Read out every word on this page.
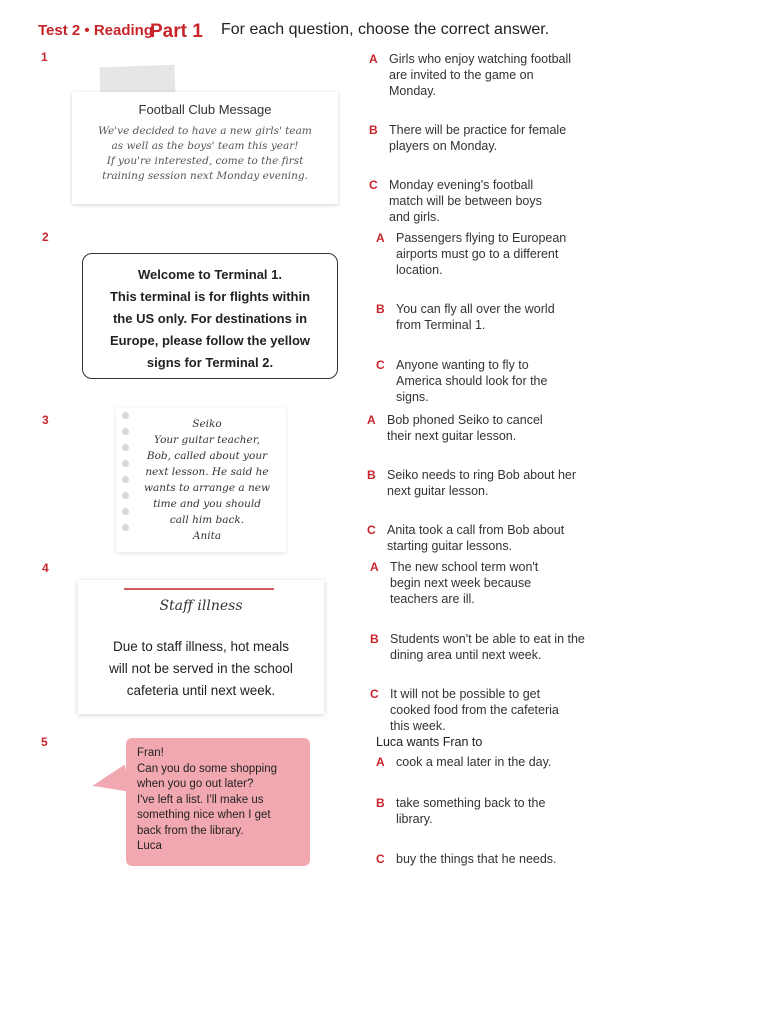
Test 2 • Reading
Part 1 For each question, choose the correct answer.
1
2
3
4
5
Football Club Message
We've decided to have a new girls' team
as well as the boys' team this year!
If you're interested, come to the first
training session next Monday evening.
A Girls who enjoy watching football are invited to the game on Monday.
B There will be practice for female players on Monday.
C Monday evening's football match will be between boys and girls.
Welcome to Terminal 1.
This terminal is for flights within
the US only. For destinations in
Europe, please follow the yellow
signs for Terminal 2.
A Passengers flying to European airports must go to a different location.
B You can fly all over the world from Terminal 1.
C Anyone wanting to fly to America should look for the signs.
Seiko
Your guitar teacher,
Bob, called about your
next lesson. He said he
wants to arrange a new
time and you should
call him back.
Anita
A Bob phoned Seiko to cancel their next guitar lesson.
B Seiko needs to ring Bob about her next guitar lesson.
C Anita took a call from Bob about starting guitar lessons.
Staff illness
Due to staff illness, hot meals
will not be served in the school
cafeteria until next week.
A The new school term won't begin next week because teachers are ill.
B Students won't be able to eat in the dining area until next week.
C It will not be possible to get cooked food from the cafeteria this week.
Fran!
Can you do some shopping
when you go out later?
I've left a list. I'll make us
something nice when I get
back from the library.
Luca
Luca wants Fran to
A cook a meal later in the day.
B take something back to the library.
C buy the things that he needs.
